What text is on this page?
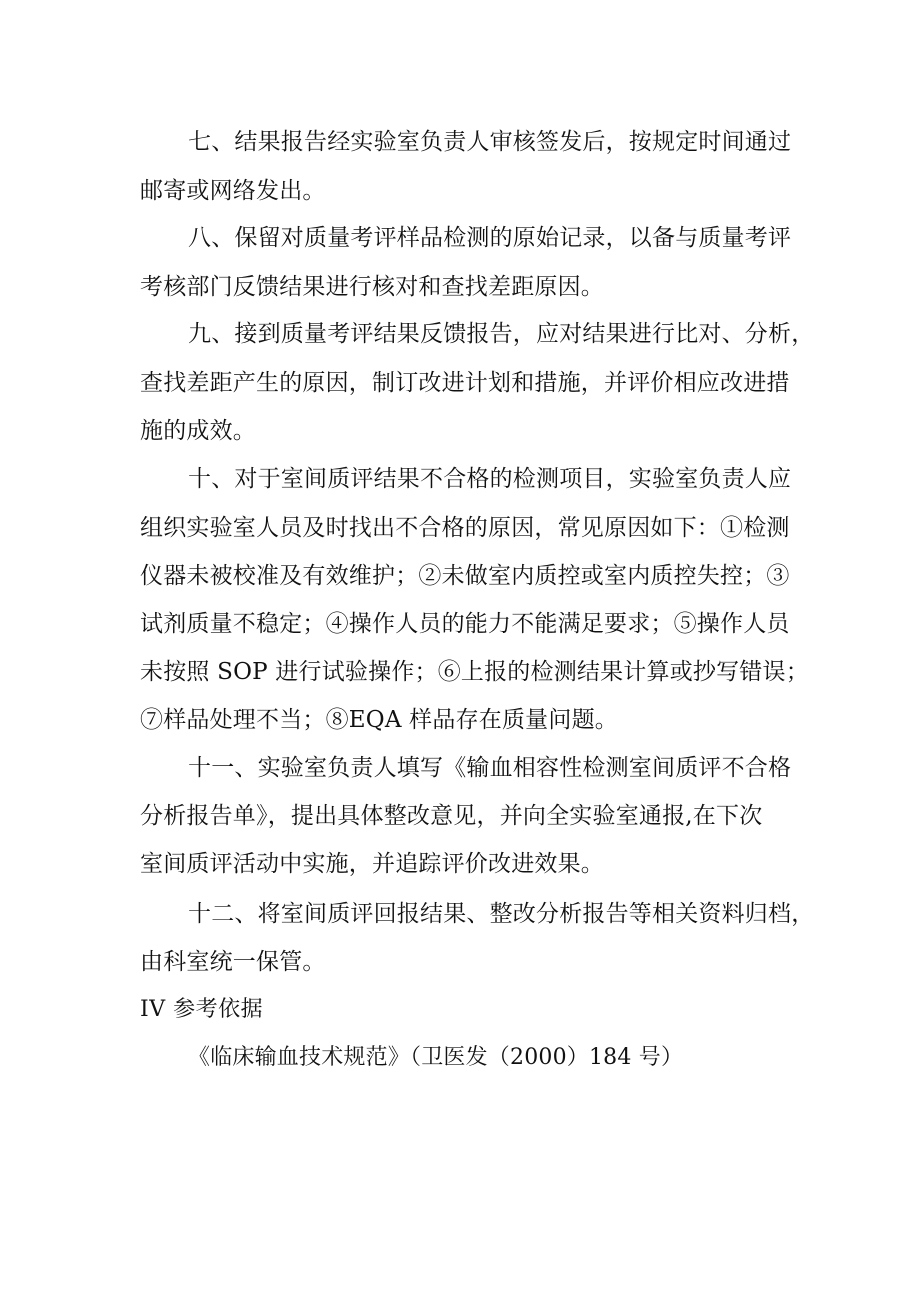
七、结果报告经实验室负责人审核签发后，按规定时间通过
邮寄或网络发出。
八、保留对质量考评样品检测的原始记录，以备与质量考评
考核部门反馈结果进行核对和查找差距原因。
九、接到质量考评结果反馈报告，应对结果进行比对、分析，
查找差距产生的原因，制订改进计划和措施，并评价相应改进措
施的成效。
十、对于室间质评结果不合格的检测项目，实验室负责人应
组织实验室人员及时找出不合格的原因，常见原因如下：①检测
仪器未被校准及有效维护；②未做室内质控或室内质控失控；③
试剂质量不稳定；④操作人员的能力不能满足要求；⑤操作人员
未按照 SOP 进行试验操作；⑥上报的检测结果计算或抄写错误；
⑦样品处理不当；⑧EQA 样品存在质量问题。
十一、实验室负责人填写《输血相容性检测室间质评不合格
分析报告单》，提出具体整改意见，并向全实验室通报,在下次
室间质评活动中实施，并追踪评价改进效果。
十二、将室间质评回报结果、整改分析报告等相关资料归档，
由科室统一保管。
IV 参考依据
《临床输血技术规范》（卫医发（2000）184 号）
